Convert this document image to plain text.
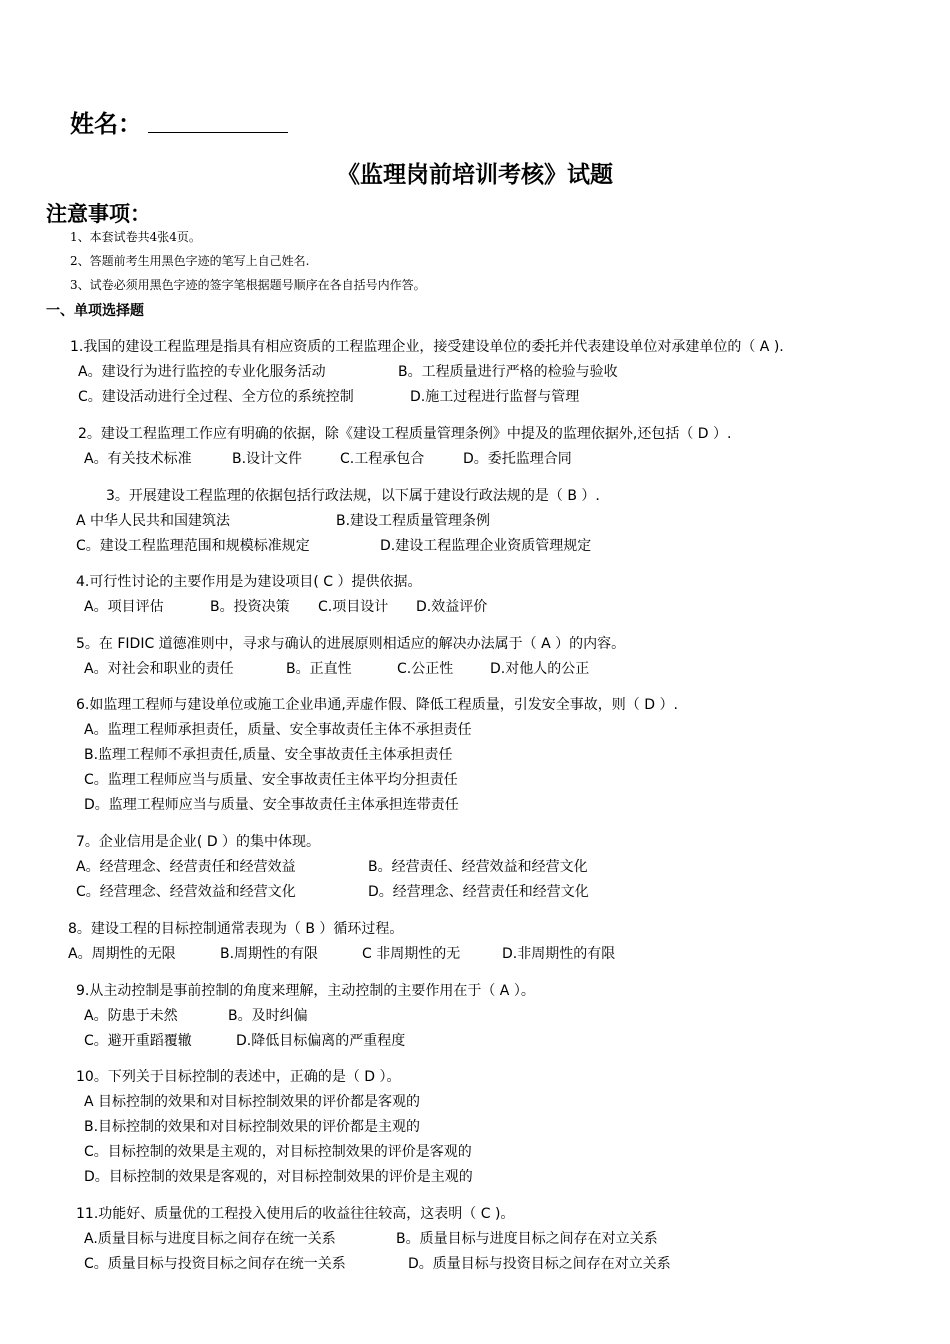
姓名：
《监理岗前培训考核》试题
注意事项：
1、本套试卷共4张4页。
2、答题前考生用黑色字迹的笔写上自己姓名.
3、试卷必须用黑色字迹的签字笔根据题号顺序在各自括号内作答。
一、单项选择题
1.我国的建设工程监理是指具有相应资质的工程监理企业，接受建设单位的委托并代表建设单位对承建单位的（ A ).
A。建设行为进行监控的专业化服务活动	B。工程质量进行严格的检验与验收
C。建设活动进行全过程、全方位的系统控制	D.施工过程进行监督与管理
2。建设工程监理工作应有明确的依据，除《建设工程质量管理条例》中提及的监理依据外,还包括（ D ）.
A。有关技术标准	B.设计文件	C.工程承包合	D。委托监理合同
3。开展建设工程监理的依据包括行政法规，以下属于建设行政法规的是（ B ）.
A 中华人民共和国建筑法	B.建设工程质量管理条例
C。建设工程监理范围和规模标准规定	D.建设工程监理企业资质管理规定
4.可行性讨论的主要作用是为建设项目( C ）提供依据。
A。项目评估	B。投资决策 C.项目设计 D.效益评价
5。在 FIDIC 道德准则中，寻求与确认的进展原则相适应的解决办法属于（ A ）的内容。
A。对社会和职业的责任	B。正直性	C.公正性	D.对他人的公正
6.如监理工程师与建设单位或施工企业串通,弄虚作假、降低工程质量，引发安全事故，则（ D ）.
A。监理工程师承担责任，质量、安全事故责任主体不承担责任
B.监理工程师不承担责任,质量、安全事故责任主体承担责任
C。监理工程师应当与质量、安全事故责任主体平均分担责任
D。监理工程师应当与质量、安全事故责任主体承担连带责任
7。企业信用是企业( D ）的集中体现。
A。经营理念、经营责任和经营效益	B。经营责任、经营效益和经营文化
C。经营理念、经营效益和经营文化	D。经营理念、经营责任和经营文化
8。建设工程的目标控制通常表现为（ B ）循环过程。
A。周期性的无限	B.周期性的有限	C 非周期性的无	D.非周期性的有限
9.从主动控制是事前控制的角度来理解，主动控制的主要作用在于（ A ）。
A。防患于未然	B。及时纠偏
C。避开重蹈覆辙	D.降低目标偏离的严重程度
10。下列关于目标控制的表述中，正确的是（ D ）。
A 目标控制的效果和对目标控制效果的评价都是客观的
B.目标控制的效果和对目标控制效果的评价都是主观的
C。目标控制的效果是主观的，对目标控制效果的评价是客观的
D。目标控制的效果是客观的，对目标控制效果的评价是主观的
11.功能好、质量优的工程投入使用后的收益往往较高，这表明（ C )。
A.质量目标与进度目标之间存在统一关系	B。质量目标与进度目标之间存在对立关系
C。质量目标与投资目标之间存在统一关系	D。质量目标与投资目标之间存在对立关系
